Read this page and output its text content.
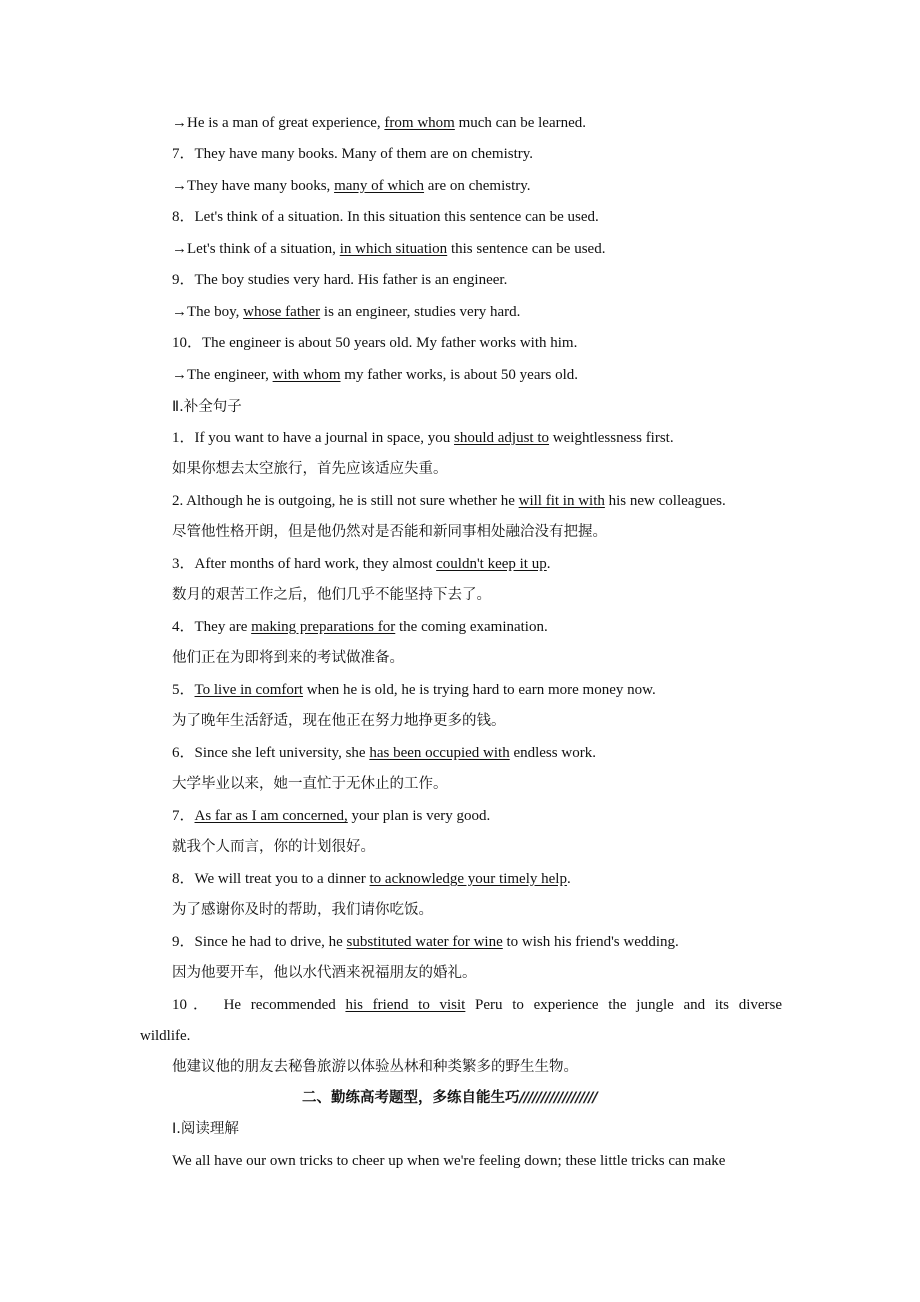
→He is a man of great experience, from whom much can be learned.
7．They have many books. Many of them are on chemistry.
→They have many books, many of which are on chemistry.
8．Let's think of a situation. In this situation this sentence can be used.
→Let's think of a situation, in which situation this sentence can be used.
9．The boy studies very hard. His father is an engineer.
→The boy, whose father is an engineer, studies very hard.
10．The engineer is about 50 years old. My father works with him.
→The engineer, with whom my father works, is about 50 years old.
Ⅱ.补全句子
1．If you want to have a journal in space, you should adjust to weightlessness first.
如果你想去太空旅行，首先应该适应失重。
2. Although he is outgoing, he is still not sure whether he will fit in with his new colleagues.
尽管他性格开朗，但是他仍然对是否能和新同事相处融洽没有把握。
3．After months of hard work, they almost couldn't keep it up.
数月的艰苦工作之后，他们几乎不能坚持下去了。
4．They are making preparations for the coming examination.
他们正在为即将到来的考试做准备。
5．To live in comfort when he is old, he is trying hard to earn more money now.
为了晚年生活舒适，现在他正在努力地挣更多的钱。
6．Since she left university, she has been occupied with endless work.
大学毕业以来，她一直忙于无休止的工作。
7．As far as I am concerned, your plan is very good.
就我个人而言，你的计划很好。
8．We will treat you to a dinner to acknowledge your timely help.
为了感谢你及时的帮助，我们请你吃饭。
9．Since he had to drive, he substituted water for wine to wish his friend's wedding.
因为他要开车，他以水代酒来祝福朋友的婚礼。
10． He recommended his friend to visit Peru to experience the jungle and its diverse
wildlife.
他建议他的朋友去秘鲁旅游以体验丛林和种类繁多的野生生物。
二、勤练高考题型，多练自能生巧//////////////////
Ⅰ.阅读理解
We all have our own tricks to cheer up when we're feeling down; these little tricks can make
